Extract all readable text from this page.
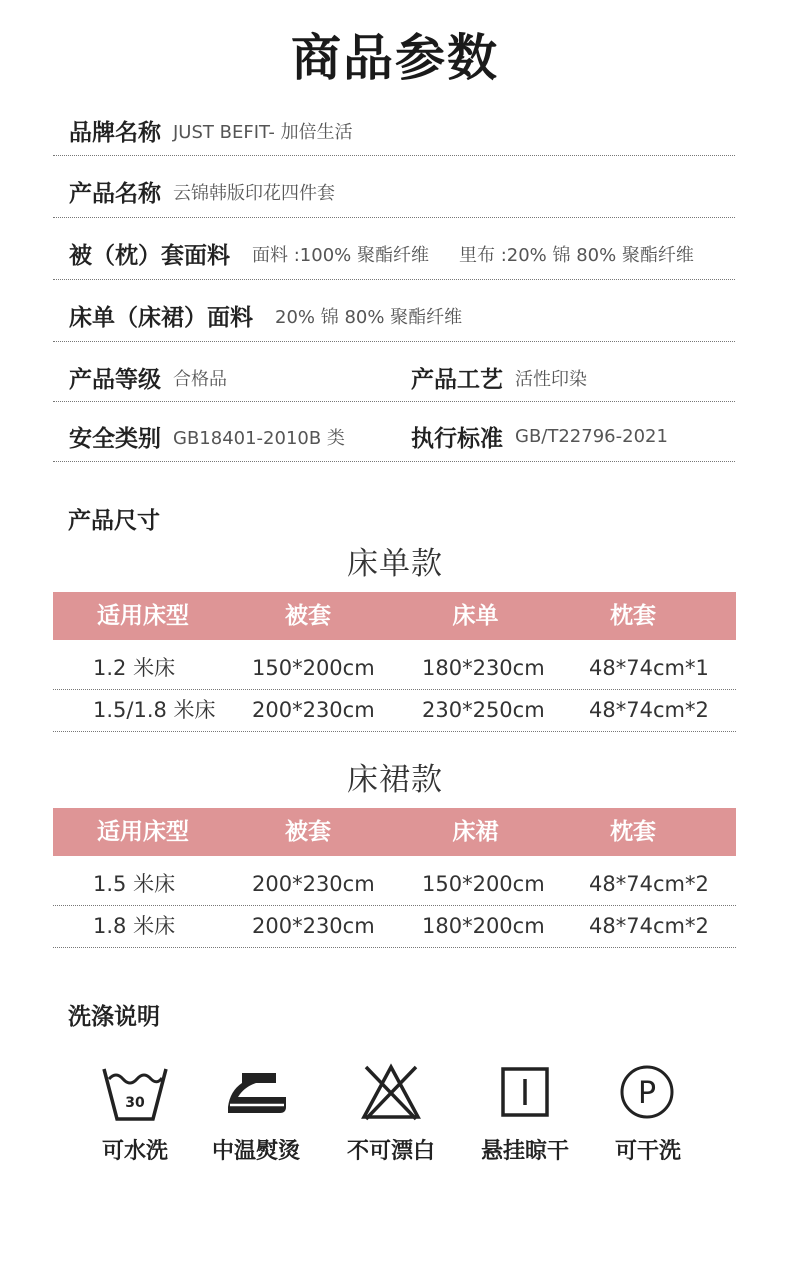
商品参数
品牌名称 JUST BEFIT- 加倍生活
产品名称 云锦韩版印花四件套
被（枕）套面料 面料 :100% 聚酯纤维 里布 :20% 锦 80% 聚酯纤维
床单（床裙）面料 20% 锦 80% 聚酯纤维
产品等级 合格品	产品工艺 活性印染
安全类别 GB18401-2010B 类	执行标准 GB/T22796-2021
产品尺寸
床单款
适用床型	被套	床单	枕套
1.2 米床	150*200cm 180*230cm 48*74cm*1
1.5/1.8 米床 200*230cm 230*250cm 48*74cm*2
床裙款
适用床型	被套	床裙	枕套
1.5 米床	200*230cm 150*200cm 48*74cm*2
1.8 米床	200*230cm 180*200cm 48*74cm*2
洗涤说明
30	P
可水洗	中温熨烫	不可漂白	悬挂晾干	可干洗
